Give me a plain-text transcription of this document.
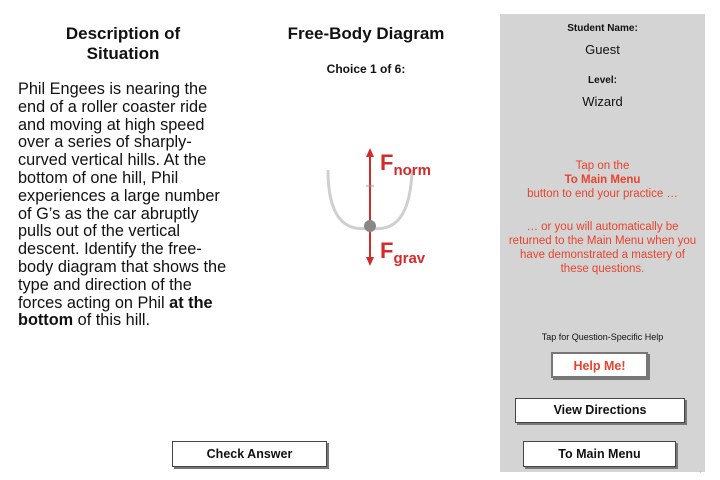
Description of
Situation

Phil Engees is nearing the end of a roller coaster ride and moving at high speed over a series of sharply-curved vertical hills. At the bottom of one hill, Phil experiences a large number of G’s as the car abruptly pulls out of the vertical descent. Identify the free-body diagram that shows the type and direction of the forces acting on Phil at the bottom of this hill.

Free-Body Diagram
Choice 1 of 6:
$F_{norm}$
$F_{grav}$
Student Name:
Guest
Level:
Wizard
Tap on the
To Main Menu
button to end your practice …
… or you will automatically be returned to the Main Menu when you have demonstrated a mastery of these questions.
Tap for Question-Specific Help
Help Me!
View Directions
To Main Menu
Check Answer
’
